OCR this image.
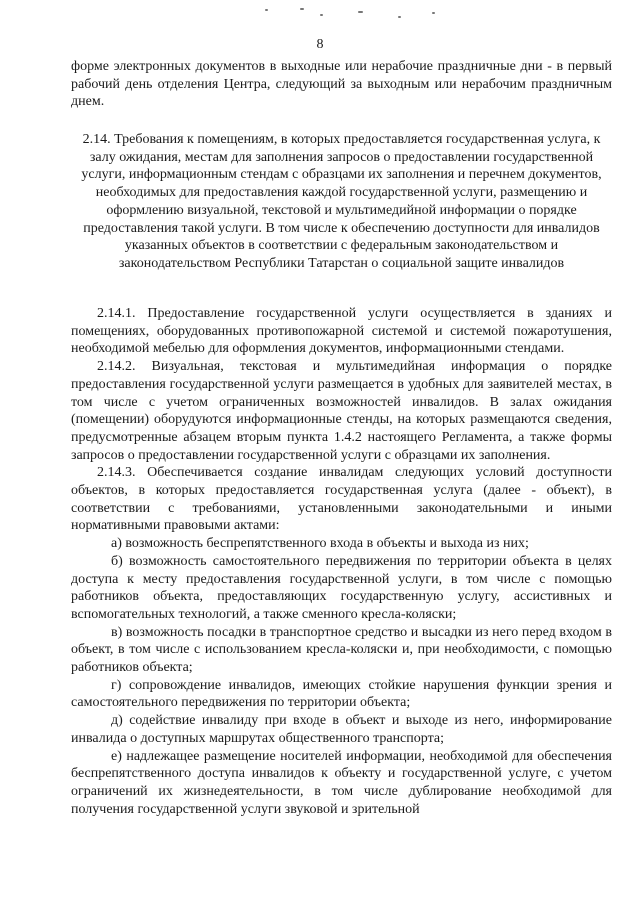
8

форме электронных документов в выходные или нерабочие праздничные дни - в первый рабочий день отделения Центра, следующий за выходным или нерабочим праздничным днем.

2.14. Требования к помещениям, в которых предоставляется государственная услуга, к залу ожидания, местам для заполнения запросов о предоставлении государственной услуги, информационным стендам с образцами их заполнения и перечнем документов, необходимых для предоставления каждой государственной услуги, размещению и оформлению визуальной, текстовой и мультимедийной информации о порядке предоставления такой услуги. В том числе к обеспечению доступности для инвалидов указанных объектов в соответствии с федеральным законодательством и законодательством Республики Татарстан о социальной защите инвалидов

2.14.1. Предоставление государственной услуги осуществляется в зданиях и помещениях, оборудованных противопожарной системой и системой пожаротушения, необходимой мебелью для оформления документов, информационными стендами.

2.14.2. Визуальная, текстовая и мультимедийная информация о порядке предоставления государственной услуги размещается в удобных для заявителей местах, в том числе с учетом ограниченных возможностей инвалидов. В залах ожидания (помещении) оборудуются информационные стенды, на которых размещаются сведения, предусмотренные абзацем вторым пункта 1.4.2 настоящего Регламента, а также формы запросов о предоставлении государственной услуги с образцами их заполнения.

2.14.3. Обеспечивается создание инвалидам следующих условий доступности объектов, в которых предоставляется государственная услуга (далее - объект), в соответствии с требованиями, установленными законодательными и иными нормативными правовыми актами:

а) возможность беспрепятственного входа в объекты и выхода из них;

б) возможность самостоятельного передвижения по территории объекта в целях доступа к месту предоставления государственной услуги, в том числе с помощью работников объекта, предоставляющих государственную услугу, ассистивных и вспомогательных технологий, а также сменного кресла-коляски;

в) возможность посадки в транспортное средство и высадки из него перед входом в объект, в том числе с использованием кресла-коляски и, при необходимости, с помощью работников объекта;

г) сопровождение инвалидов, имеющих стойкие нарушения функции зрения и самостоятельного передвижения по территории объекта;

д) содействие инвалиду при входе в объект и выходе из него, информирование инвалида о доступных маршрутах общественного транспорта;

е) надлежащее размещение носителей информации, необходимой для обеспечения беспрепятственного доступа инвалидов к объекту и государственной услуге, с учетом ограничений их жизнедеятельности, в том числе дублирование необходимой для получения государственной услуги звуковой и зрительной
